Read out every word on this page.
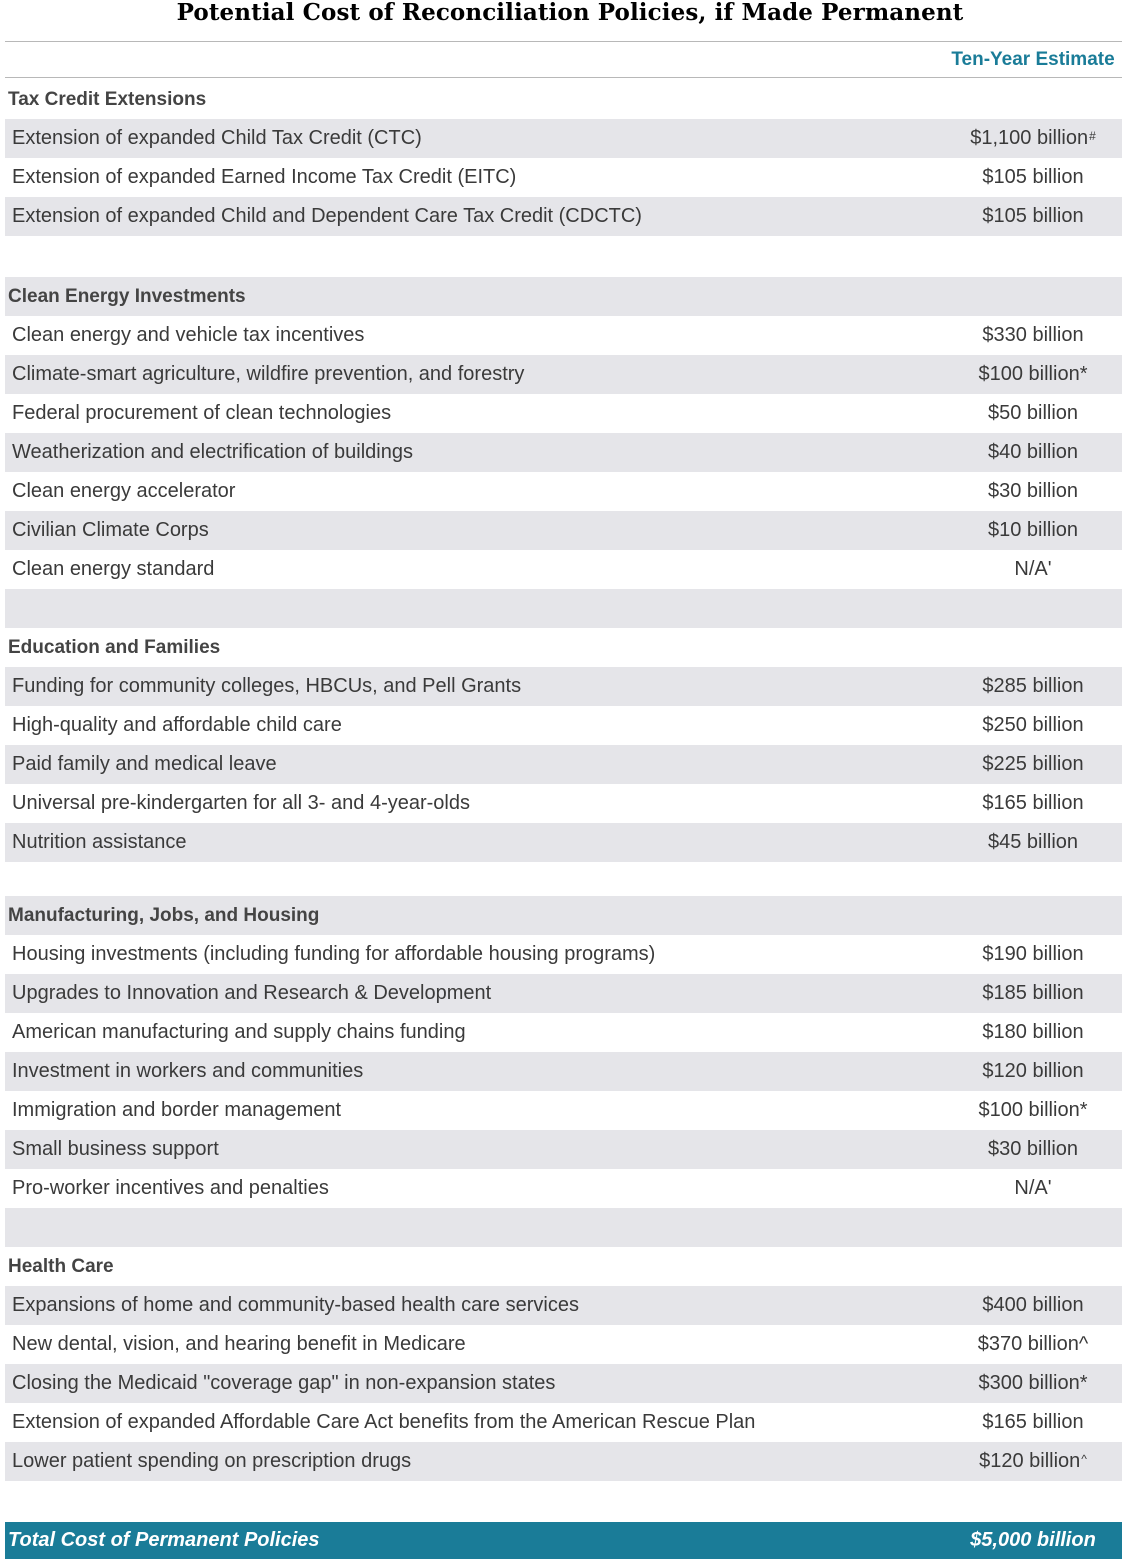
Potential Cost of Reconciliation Policies, if Made Permanent
Ten-Year Estimate
Tax Credit Extensions
Extension of expanded Child Tax Credit (CTC)	$1,100 billion#
Extension of expanded Earned Income Tax Credit (EITC)	$105 billion
Extension of expanded Child and Dependent Care Tax Credit (CDCTC)	$105 billion
Clean Energy Investments
Clean energy and vehicle tax incentives	$330 billion
Climate-smart agriculture, wildfire prevention, and forestry	$100 billion*
Federal procurement of clean technologies	$50 billion
Weatherization and electrification of buildings	$40 billion
Clean energy accelerator	$30 billion
Civilian Climate Corps	$10 billion
Clean energy standard	N/A'
Education and Families
Funding for community colleges, HBCUs, and Pell Grants	$285 billion
High-quality and affordable child care	$250 billion
Paid family and medical leave	$225 billion
Universal pre-kindergarten for all 3- and 4-year-olds	$165 billion
Nutrition assistance	$45 billion
Manufacturing, Jobs, and Housing
Housing investments (including funding for affordable housing programs)	$190 billion
Upgrades to Innovation and Research & Development	$185 billion
American manufacturing and supply chains funding	$180 billion
Investment in workers and communities	$120 billion
Immigration and border management	$100 billion*
Small business support	$30 billion
Pro-worker incentives and penalties	N/A'
Health Care
Expansions of home and community-based health care services	$400 billion
New dental, vision, and hearing benefit in Medicare	$370 billion^
Closing the Medicaid "coverage gap" in non-expansion states	$300 billion*
Extension of expanded Affordable Care Act benefits from the American Rescue Plan	$165 billion
Lower patient spending on prescription drugs	$120 billion^
Total Cost of Permanent Policies	$5,000 billion
